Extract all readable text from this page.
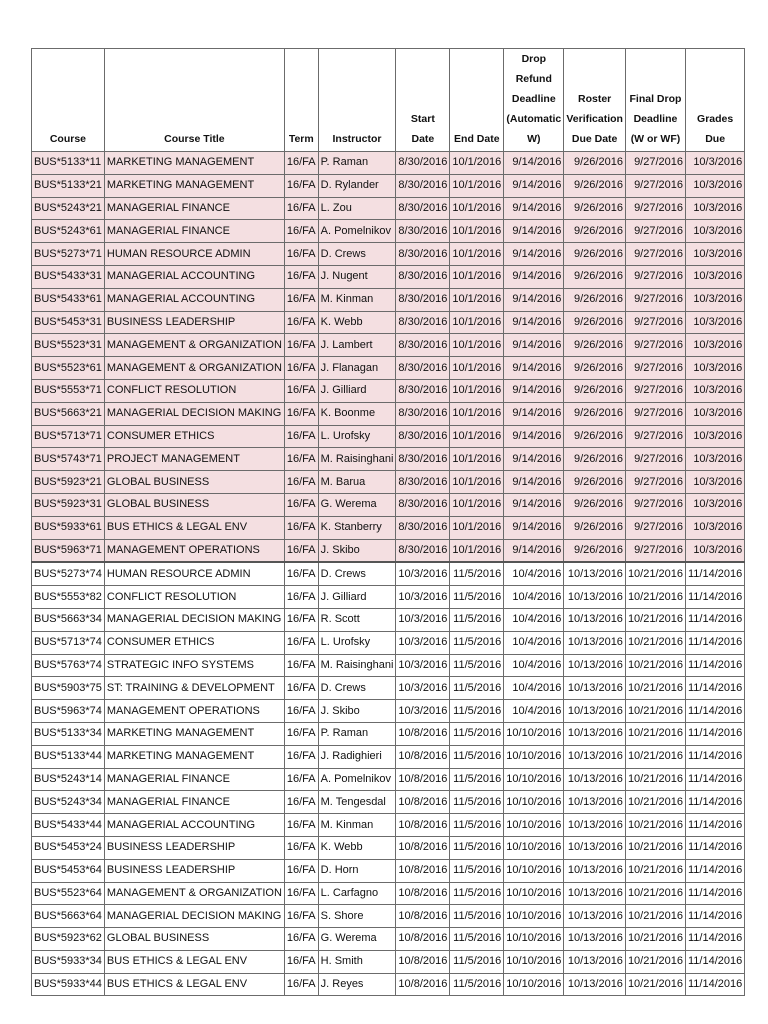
Course	Course Title	Term	Instructor	Start Date	End Date	Drop Refund Deadline (Automatic W)	Roster Verification Due Date	Final Drop Deadline (W or WF)	Grades Due
BUS*5133*11	MARKETING MANAGEMENT	16/FA	P. Raman	8/30/2016	10/1/2016	9/14/2016	9/26/2016	9/27/2016	10/3/2016
BUS*5133*21	MARKETING MANAGEMENT	16/FA	D. Rylander	8/30/2016	10/1/2016	9/14/2016	9/26/2016	9/27/2016	10/3/2016
BUS*5243*21	MANAGERIAL FINANCE	16/FA	L. Zou	8/30/2016	10/1/2016	9/14/2016	9/26/2016	9/27/2016	10/3/2016
BUS*5243*61	MANAGERIAL FINANCE	16/FA	A. Pomelnikov	8/30/2016	10/1/2016	9/14/2016	9/26/2016	9/27/2016	10/3/2016
BUS*5273*71	HUMAN RESOURCE ADMIN	16/FA	D. Crews	8/30/2016	10/1/2016	9/14/2016	9/26/2016	9/27/2016	10/3/2016
BUS*5433*31	MANAGERIAL ACCOUNTING	16/FA	J. Nugent	8/30/2016	10/1/2016	9/14/2016	9/26/2016	9/27/2016	10/3/2016
BUS*5433*61	MANAGERIAL ACCOUNTING	16/FA	M. Kinman	8/30/2016	10/1/2016	9/14/2016	9/26/2016	9/27/2016	10/3/2016
BUS*5453*31	BUSINESS LEADERSHIP	16/FA	K. Webb	8/30/2016	10/1/2016	9/14/2016	9/26/2016	9/27/2016	10/3/2016
BUS*5523*31	MANAGEMENT & ORGANIZATION	16/FA	J. Lambert	8/30/2016	10/1/2016	9/14/2016	9/26/2016	9/27/2016	10/3/2016
BUS*5523*61	MANAGEMENT & ORGANIZATION	16/FA	J. Flanagan	8/30/2016	10/1/2016	9/14/2016	9/26/2016	9/27/2016	10/3/2016
BUS*5553*71	CONFLICT RESOLUTION	16/FA	J. Gilliard	8/30/2016	10/1/2016	9/14/2016	9/26/2016	9/27/2016	10/3/2016
BUS*5663*21	MANAGERIAL DECISION MAKING	16/FA	K. Boonme	8/30/2016	10/1/2016	9/14/2016	9/26/2016	9/27/2016	10/3/2016
BUS*5713*71	CONSUMER ETHICS	16/FA	L. Urofsky	8/30/2016	10/1/2016	9/14/2016	9/26/2016	9/27/2016	10/3/2016
BUS*5743*71	PROJECT MANAGEMENT	16/FA	M. Raisinghani	8/30/2016	10/1/2016	9/14/2016	9/26/2016	9/27/2016	10/3/2016
BUS*5923*21	GLOBAL BUSINESS	16/FA	M. Barua	8/30/2016	10/1/2016	9/14/2016	9/26/2016	9/27/2016	10/3/2016
BUS*5923*31	GLOBAL BUSINESS	16/FA	G. Werema	8/30/2016	10/1/2016	9/14/2016	9/26/2016	9/27/2016	10/3/2016
BUS*5933*61	BUS ETHICS & LEGAL ENV	16/FA	K. Stanberry	8/30/2016	10/1/2016	9/14/2016	9/26/2016	9/27/2016	10/3/2016
BUS*5963*71	MANAGEMENT OPERATIONS	16/FA	J. Skibo	8/30/2016	10/1/2016	9/14/2016	9/26/2016	9/27/2016	10/3/2016
BUS*5273*74	HUMAN RESOURCE ADMIN	16/FA	D. Crews	10/3/2016	11/5/2016	10/4/2016	10/13/2016	10/21/2016	11/14/2016
BUS*5553*82	CONFLICT RESOLUTION	16/FA	J. Gilliard	10/3/2016	11/5/2016	10/4/2016	10/13/2016	10/21/2016	11/14/2016
BUS*5663*34	MANAGERIAL DECISION MAKING	16/FA	R. Scott	10/3/2016	11/5/2016	10/4/2016	10/13/2016	10/21/2016	11/14/2016
BUS*5713*74	CONSUMER ETHICS	16/FA	L. Urofsky	10/3/2016	11/5/2016	10/4/2016	10/13/2016	10/21/2016	11/14/2016
BUS*5763*74	STRATEGIC INFO SYSTEMS	16/FA	M. Raisinghani	10/3/2016	11/5/2016	10/4/2016	10/13/2016	10/21/2016	11/14/2016
BUS*5903*75	ST: TRAINING & DEVELOPMENT	16/FA	D. Crews	10/3/2016	11/5/2016	10/4/2016	10/13/2016	10/21/2016	11/14/2016
BUS*5963*74	MANAGEMENT OPERATIONS	16/FA	J. Skibo	10/3/2016	11/5/2016	10/4/2016	10/13/2016	10/21/2016	11/14/2016
BUS*5133*34	MARKETING MANAGEMENT	16/FA	P. Raman	10/8/2016	11/5/2016	10/10/2016	10/13/2016	10/21/2016	11/14/2016
BUS*5133*44	MARKETING MANAGEMENT	16/FA	J. Radighieri	10/8/2016	11/5/2016	10/10/2016	10/13/2016	10/21/2016	11/14/2016
BUS*5243*14	MANAGERIAL FINANCE	16/FA	A. Pomelnikov	10/8/2016	11/5/2016	10/10/2016	10/13/2016	10/21/2016	11/14/2016
BUS*5243*34	MANAGERIAL FINANCE	16/FA	M. Tengesdal	10/8/2016	11/5/2016	10/10/2016	10/13/2016	10/21/2016	11/14/2016
BUS*5433*44	MANAGERIAL ACCOUNTING	16/FA	M. Kinman	10/8/2016	11/5/2016	10/10/2016	10/13/2016	10/21/2016	11/14/2016
BUS*5453*24	BUSINESS LEADERSHIP	16/FA	K. Webb	10/8/2016	11/5/2016	10/10/2016	10/13/2016	10/21/2016	11/14/2016
BUS*5453*64	BUSINESS LEADERSHIP	16/FA	D. Horn	10/8/2016	11/5/2016	10/10/2016	10/13/2016	10/21/2016	11/14/2016
BUS*5523*64	MANAGEMENT & ORGANIZATION	16/FA	L. Carfagno	10/8/2016	11/5/2016	10/10/2016	10/13/2016	10/21/2016	11/14/2016
BUS*5663*64	MANAGERIAL DECISION MAKING	16/FA	S. Shore	10/8/2016	11/5/2016	10/10/2016	10/13/2016	10/21/2016	11/14/2016
BUS*5923*62	GLOBAL BUSINESS	16/FA	G. Werema	10/8/2016	11/5/2016	10/10/2016	10/13/2016	10/21/2016	11/14/2016
BUS*5933*34	BUS ETHICS & LEGAL ENV	16/FA	H. Smith	10/8/2016	11/5/2016	10/10/2016	10/13/2016	10/21/2016	11/14/2016
BUS*5933*44	BUS ETHICS & LEGAL ENV	16/FA	J. Reyes	10/8/2016	11/5/2016	10/10/2016	10/13/2016	10/21/2016	11/14/2016
